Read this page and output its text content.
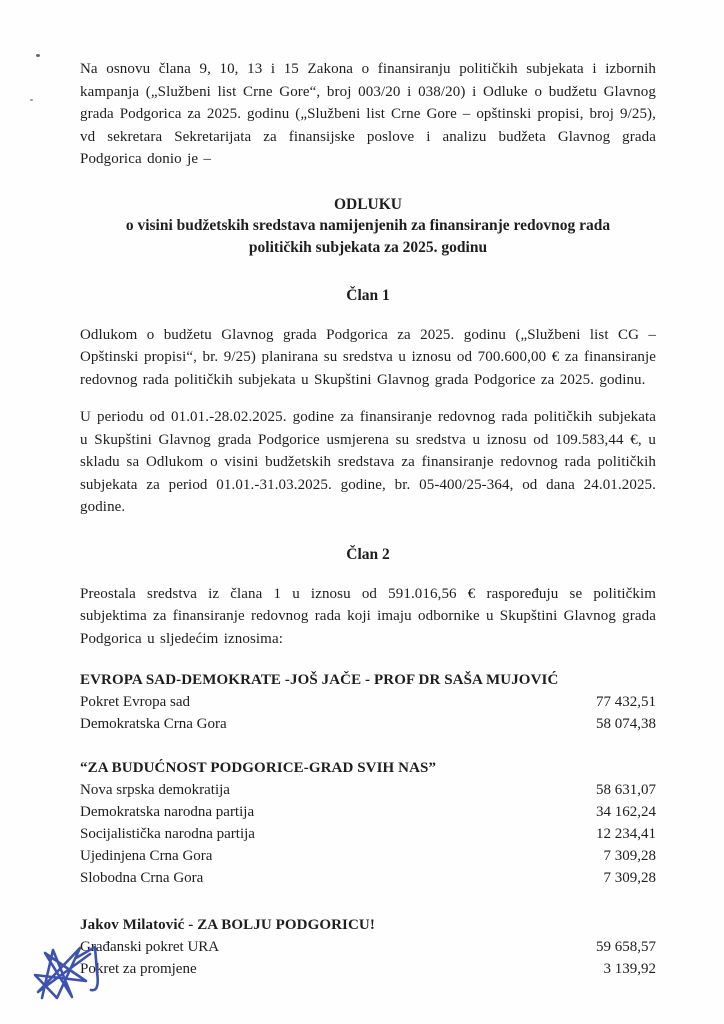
Na osnovu člana 9, 10, 13 i 15 Zakona o finansiranju političkih subjekata i izbornih kampanja („Službeni list Crne Gore“, broj 003/20 i 038/20) i Odluke o budžetu Glavnog grada Podgorica za 2025. godinu („Službeni list Crne Gore – opštinski propisi, broj 9/25), vd sekretara Sekretarijata za finansijske poslove i analizu budžeta Glavnog grada Podgorica donio je –

ODLUKU
o visini budžetskih sredstava namijenjenih za finansiranje redovnog rada
političkih subjekata za 2025. godinu
Član 1

Odlukom o budžetu Glavnog grada Podgorica za 2025. godinu („Službeni list CG – Opštinski propisi“, br. 9/25) planirana su sredstva u iznosu od 700.600,00 € za finansiranje redovnog rada političkih subjekata u Skupštini Glavnog grada Podgorice za 2025. godinu.

U periodu od 01.01.-28.02.2025. godine za finansiranje redovnog rada političkih subjekata u Skupštini Glavnog grada Podgorice usmjerena su sredstva u iznosu od 109.583,44 €, u skladu sa Odlukom o visini budžetskih sredstava za finansiranje redovnog rada političkih subjekata za period 01.01.-31.03.2025. godine, br. 05-400/25-364, od dana 24.01.2025. godine.

Član 2

Preostala sredstva iz člana 1 u iznosu od 591.016,56 € raspoređuju se političkim subjektima za finansiranje redovnog rada koji imaju odbornike u Skupštini Glavnog grada Podgorica u sljedećim iznosima:

EVROPA SAD-DEMOKRATE -JOŠ JAČE - PROF DR SAŠA MUJOVIĆ
Pokret Evropa sad	77 432,51
Demokratska Crna Gora	58 074,38
“ZA BUDUĆNOST PODGORICE-GRAD SVIH NAS”
Nova srpska demokratija	58 631,07
Demokratska narodna partija	34 162,24
Socijalistička narodna partija	12 234,41
Ujedinjena Crna Gora	7 309,28
Slobodna Crna Gora	7 309,28
Jakov Milatović - ZA BOLJU PODGORICU!
Građanski pokret URA	59 658,57
Pokret za promjene	3 139,92
